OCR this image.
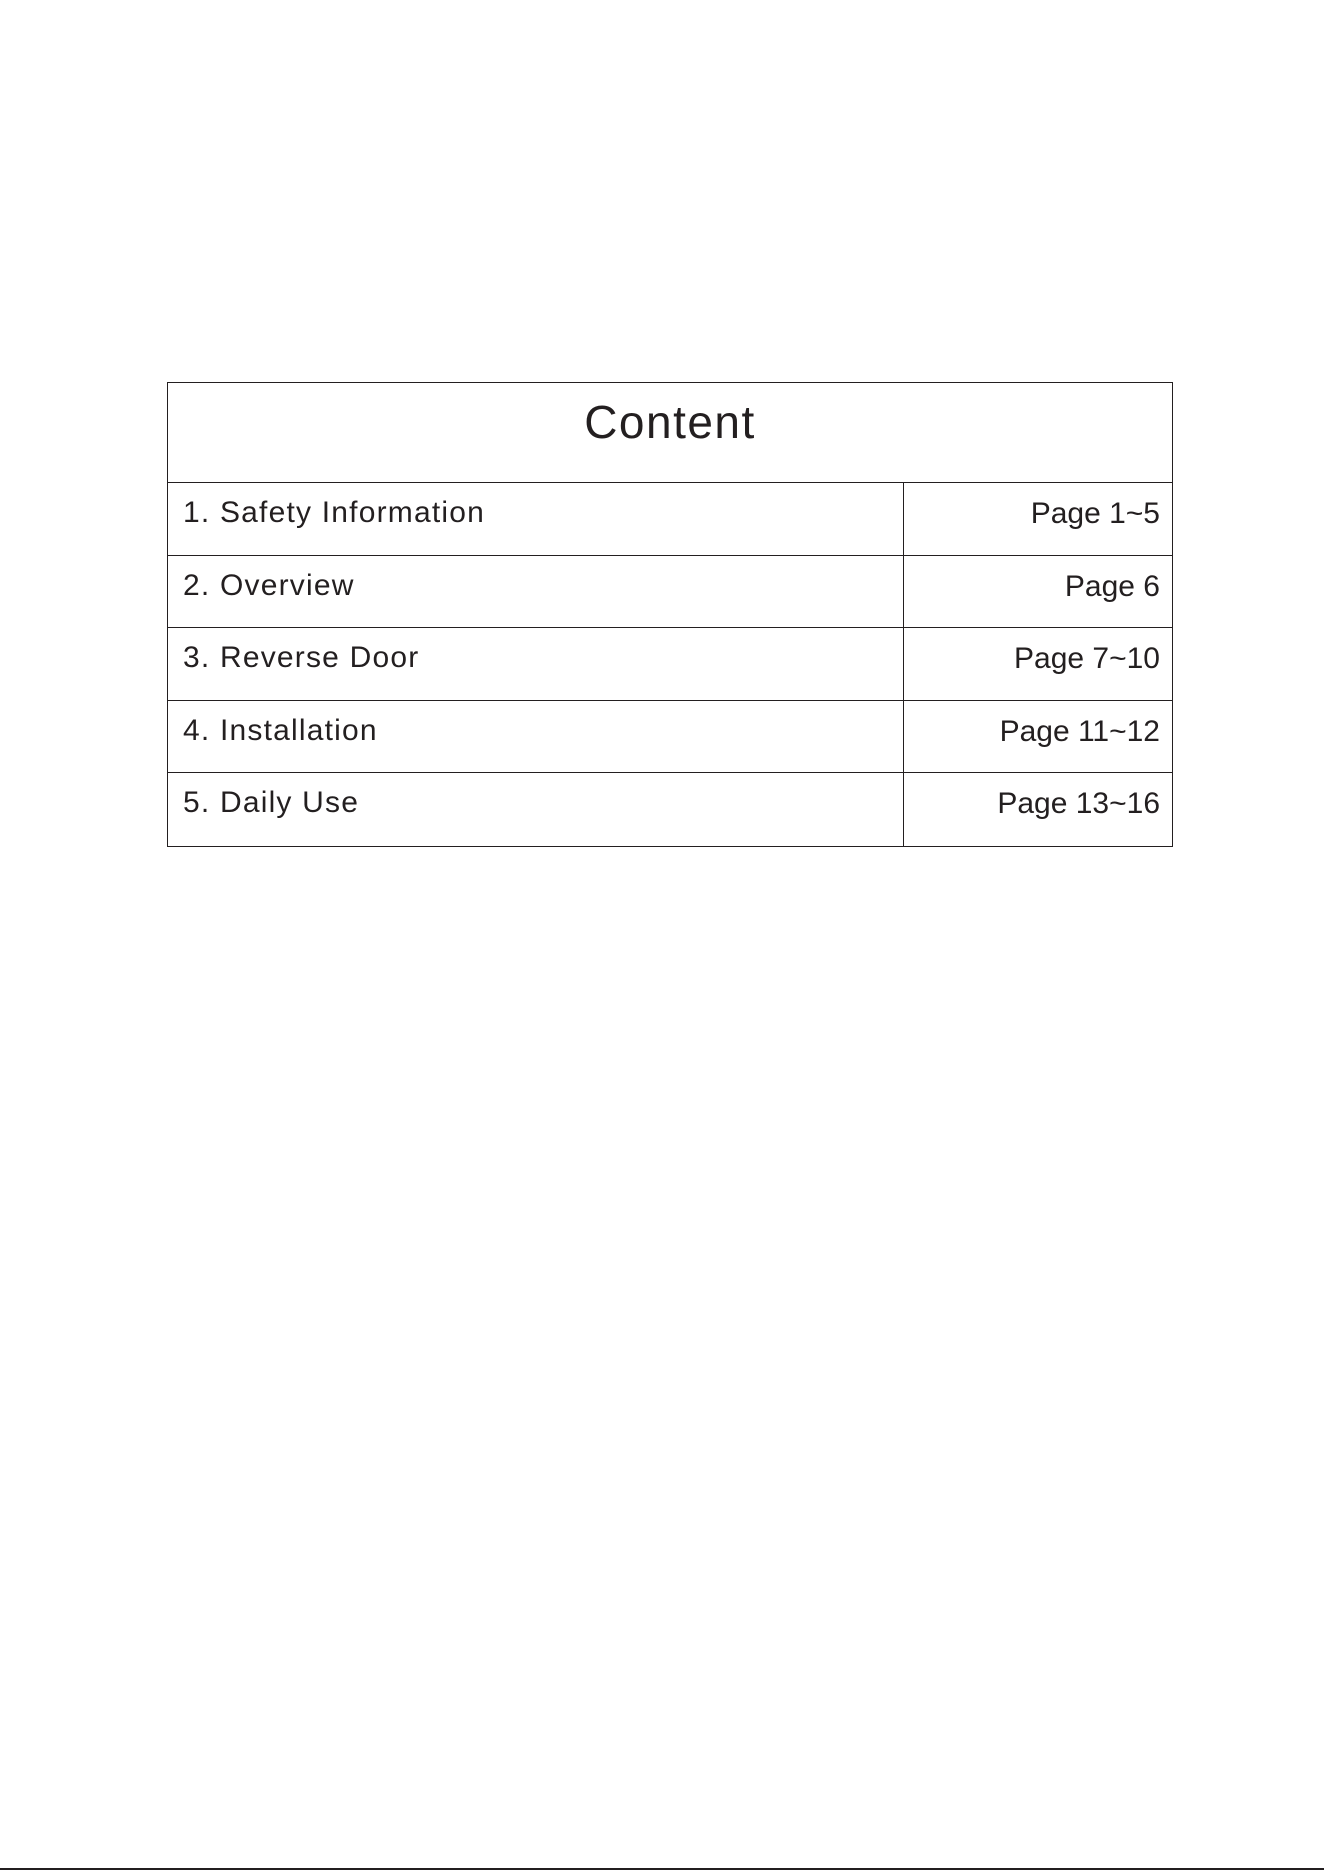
Content
1. Safety Information	Page 1~5
2. Overview	Page 6
3. Reverse Door	Page 7~10
4. Installation	Page 11~12
5. Daily Use	Page 13~16
